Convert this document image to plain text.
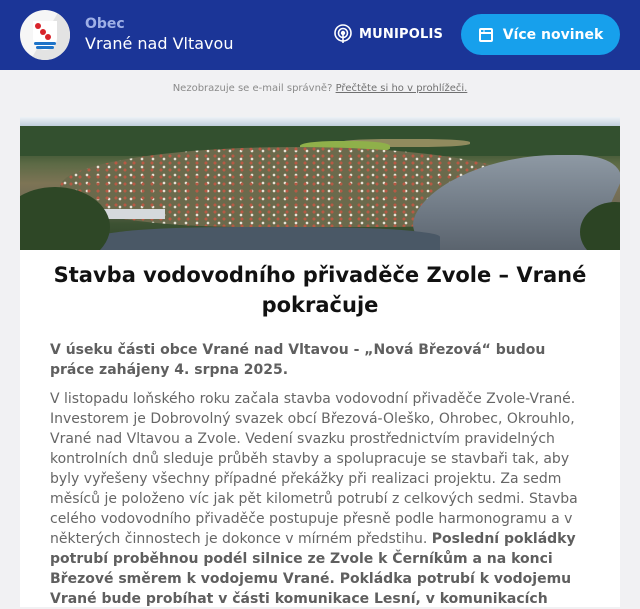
Obec
Vrané nad Vltavou	MUNIPOLIS	Více novinek
Nezobrazuje se e-mail správně? Přečtěte si ho v prohlížeči.
Stavba vodovodního přivaděče Zvole – Vrané pokračuje

V úseku části obce Vrané nad Vltavou - „Nová Březová“ budou práce zahájeny 4. srpna 2025.

V listopadu loňského roku začala stavba vodovodní přivaděče Zvole-Vrané. Investorem je Dobrovolný svazek obcí Březová-Oleško, Ohrobec, Okrouhlo, Vrané nad Vltavou a Zvole. Vedení svazku prostřednictvím pravidelných kontrolních dnů sleduje průběh stavby a spolupracuje se stavbaři tak, aby byly vyřešeny všechny případné překážky při realizaci projektu. Za sedm měsíců je položeno víc jak pět kilometrů potrubí z celkových sedmi. Stavba celého vodovodního přivaděče postupuje přesně podle harmonogramu a v některých činnostech je dokonce v mírném předstihu. Poslední pokládky potrubí proběhnou podél silnice ze Zvole k Černíkům a na konci Březové směrem k vodojemu Vrané. Pokládka potrubí k vodojemu Vrané bude probíhat v části komunikace Lesní, v komunikacích
